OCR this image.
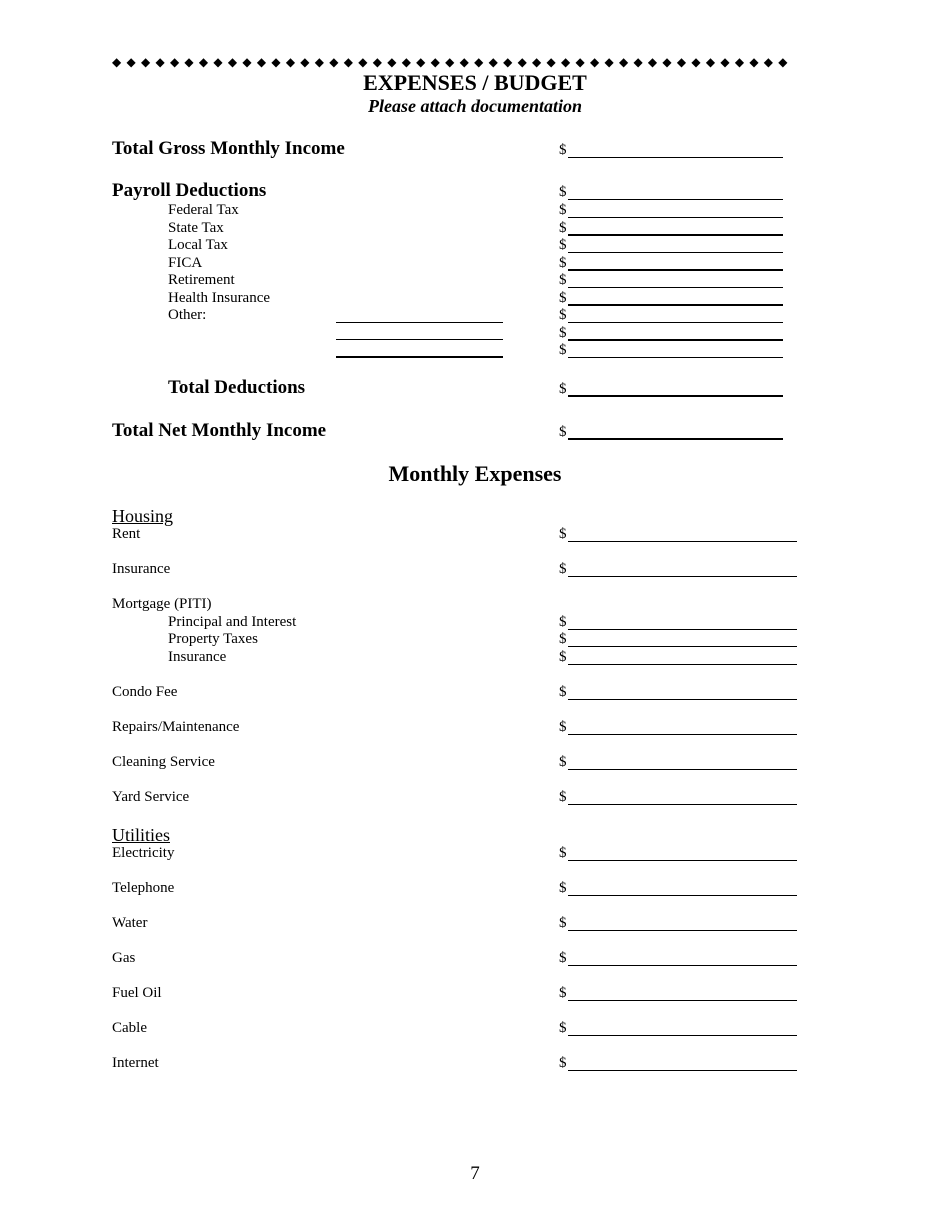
◆ ◆ ◆ ◆ ◆ ◆ ◆ ◆ ◆ ◆ ◆ ◆ ◆ ◆ ◆ ◆ ◆ ◆ ◆ ◆ ◆ ◆ ◆ ◆ ◆ ◆ ◆ ◆ ◆ ◆ ◆ ◆ ◆ ◆ ◆ ◆ ◆ ◆ ◆ ◆ ◆ ◆ ◆ ◆ ◆ ◆ ◆
EXPENSES / BUDGET
Please attach documentation
Total Gross Monthly Income	$
Payroll Deductions	$
Federal Tax	$
State Tax	$
Local Tax	$
FICA	$
Retirement	$
Health Insurance	$
Other:	$
$
$
Total Deductions	$
Total Net Monthly Income	$
Monthly Expenses
Housing
Rent	$
Insurance	$
Mortgage (PITI)
Principal and Interest	$
Property Taxes	$
Insurance	$
Condo Fee	$
Repairs/Maintenance	$
Cleaning Service	$
Yard Service	$
Utilities
Electricity	$
Telephone	$
Water	$
Gas	$
Fuel Oil	$
Cable	$
Internet	$
7
